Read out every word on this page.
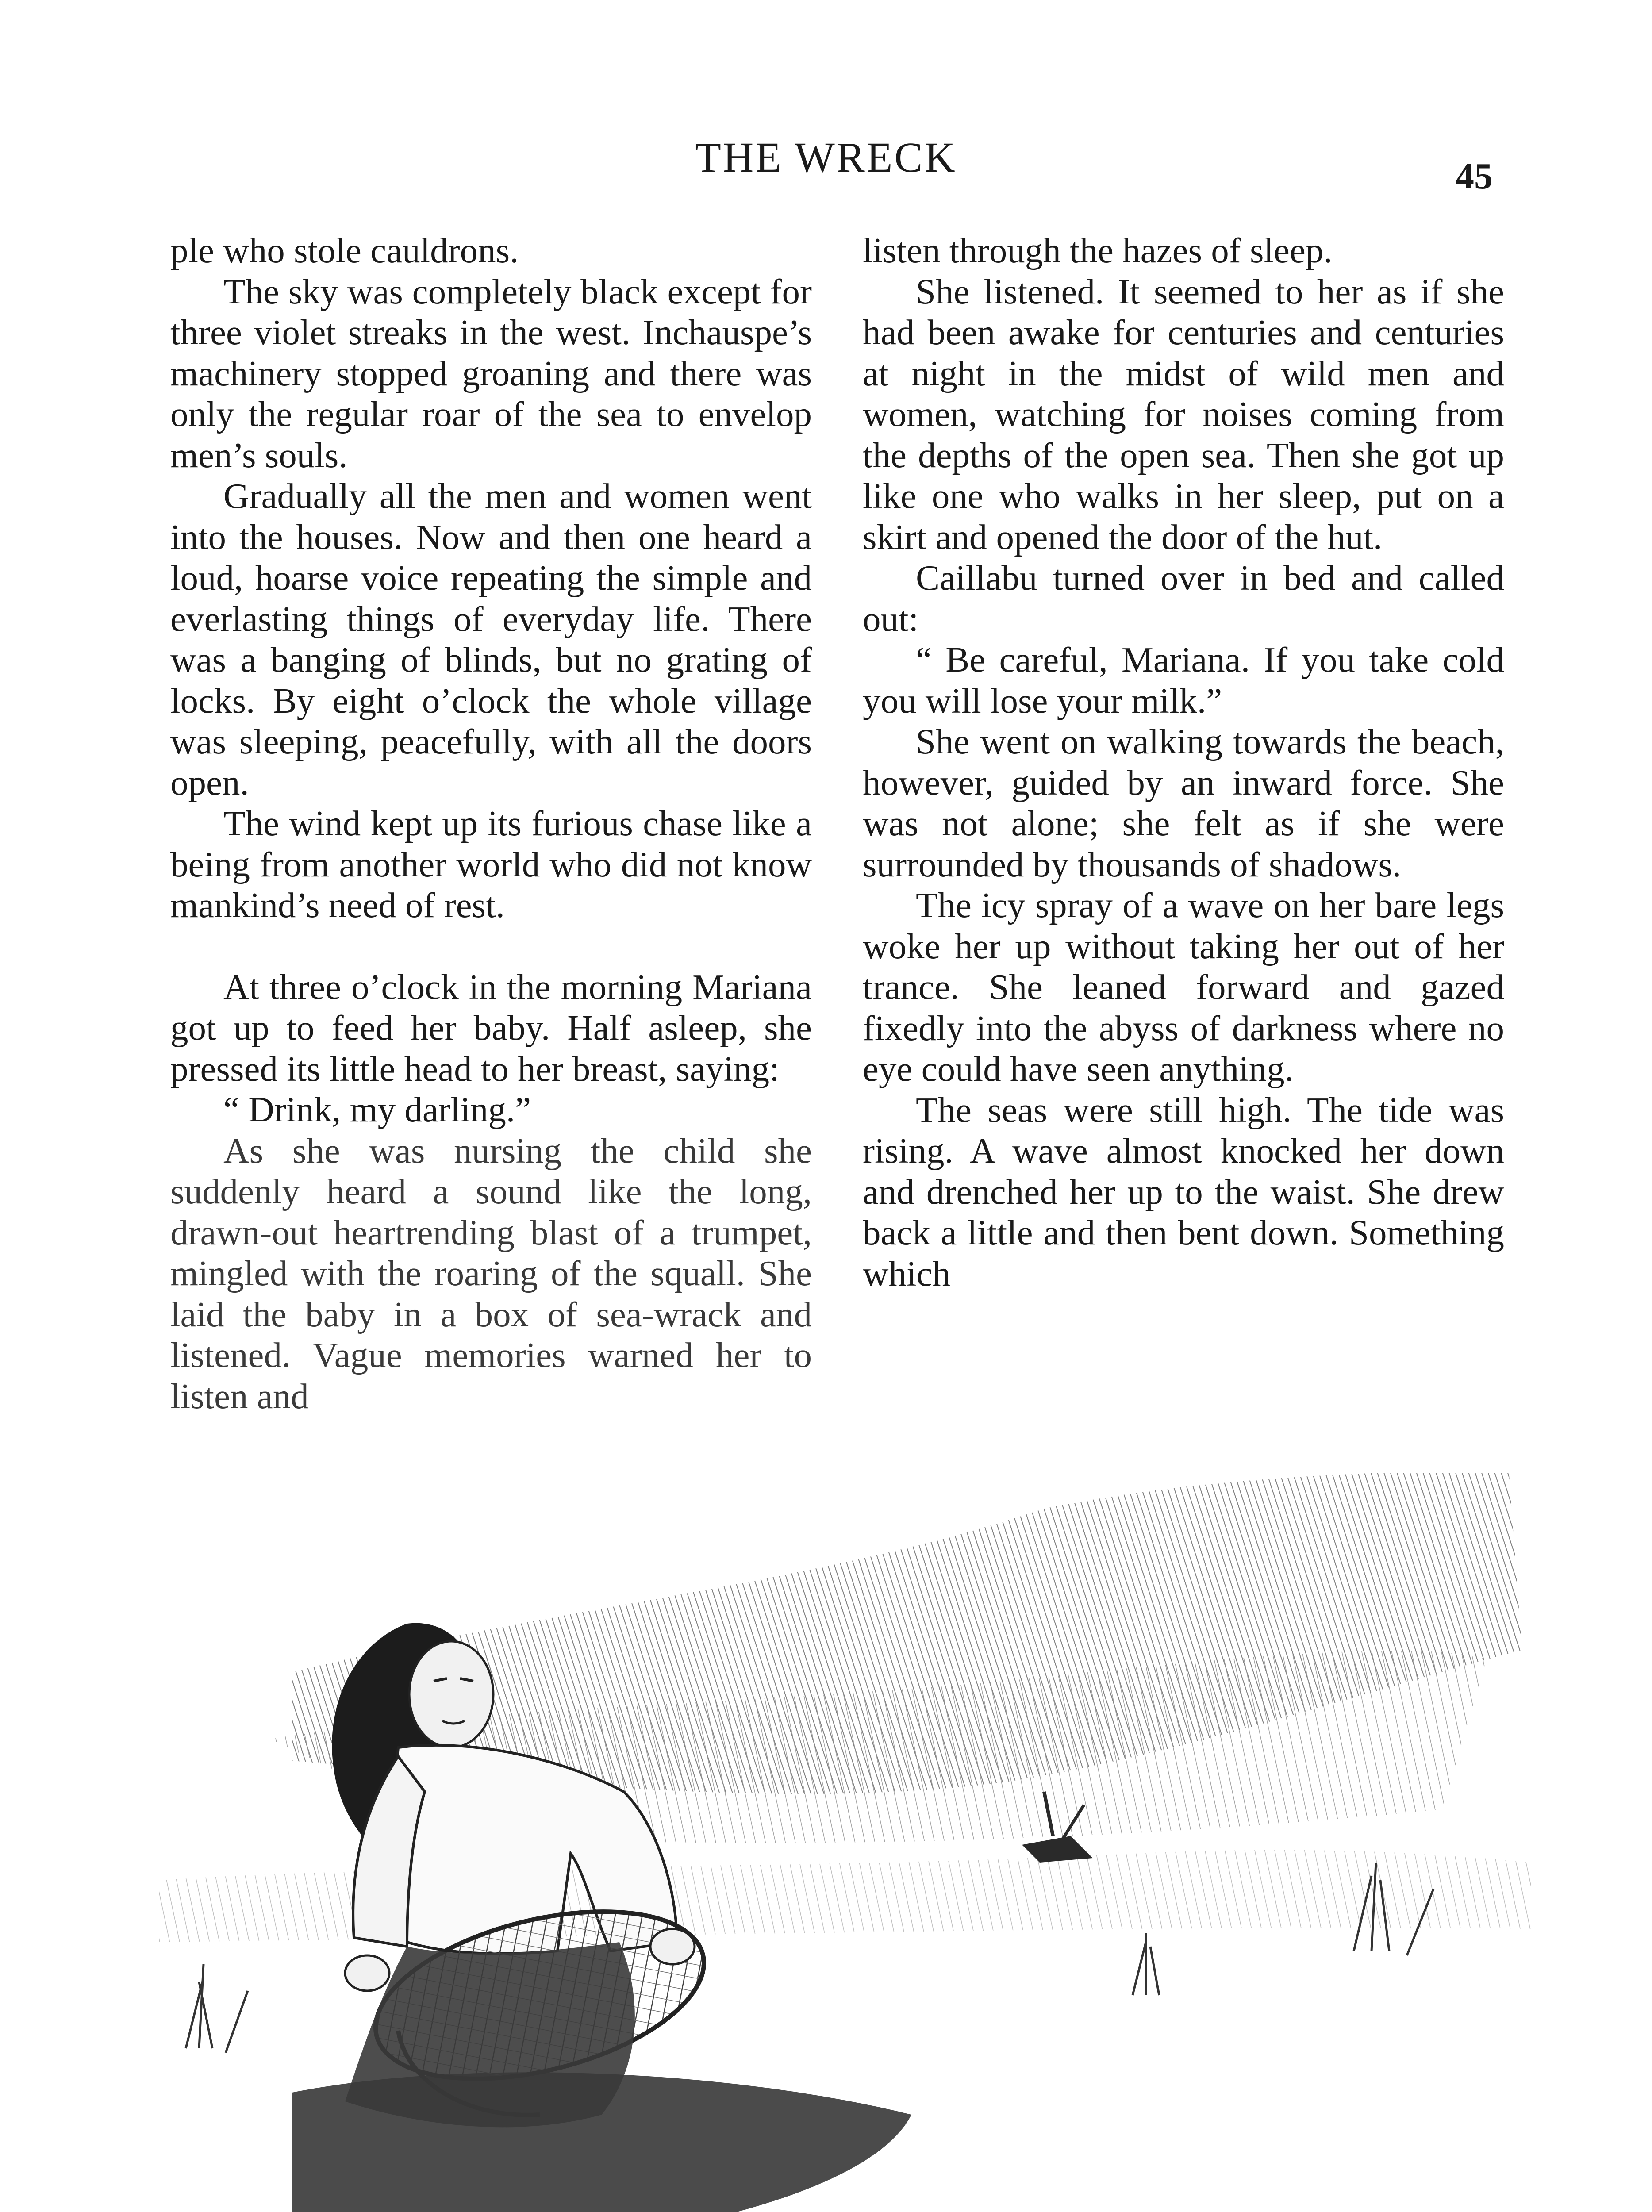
THE WRECK	45

ple who stole cauldrons.

The sky was completely black except for three violet streaks in the west. Inchauspe’s machinery stopped groaning and there was only the regular roar of the sea to envelop men’s souls.

Gradually all the men and women went into the houses. Now and then one heard a loud, hoarse voice repeating the simple and everlasting things of everyday life. There was a banging of blinds, but no grating of locks. By eight o’clock the whole village was sleeping, peacefully, with all the doors open.

The wind kept up its furious chase like a being from another world who did not know mankind’s need of rest.

At three o’clock in the morning Mariana got up to feed her baby. Half asleep, she pressed its little head to her breast, saying:

“ Drink, my darling.”

As she was nursing the child she suddenly heard a sound like the long, drawn-out heartrending blast of a trumpet, mingled with the roaring of the squall. She laid the baby in a box of sea-wrack and listened. Vague memories warned her to listen and

listen through the hazes of sleep.

She listened. It seemed to her as if she had been awake for centuries and centuries at night in the midst of wild men and women, watching for noises coming from the depths of the open sea. Then she got up like one who walks in her sleep, put on a skirt and opened the door of the hut.

Caillabu turned over in bed and called out:

“ Be careful, Mariana. If you take cold you will lose your milk.”

She went on walking towards the beach, however, guided by an inward force. She was not alone; she felt as if she were surrounded by thousands of shadows.

The icy spray of a wave on her bare legs woke her up without taking her out of her trance. She leaned forward and gazed fixedly into the abyss of darkness where no eye could have seen anything.

The seas were still high. The tide was rising. A wave almost knocked her down and drenched her up to the waist. She drew back a little and then bent down. Something which
